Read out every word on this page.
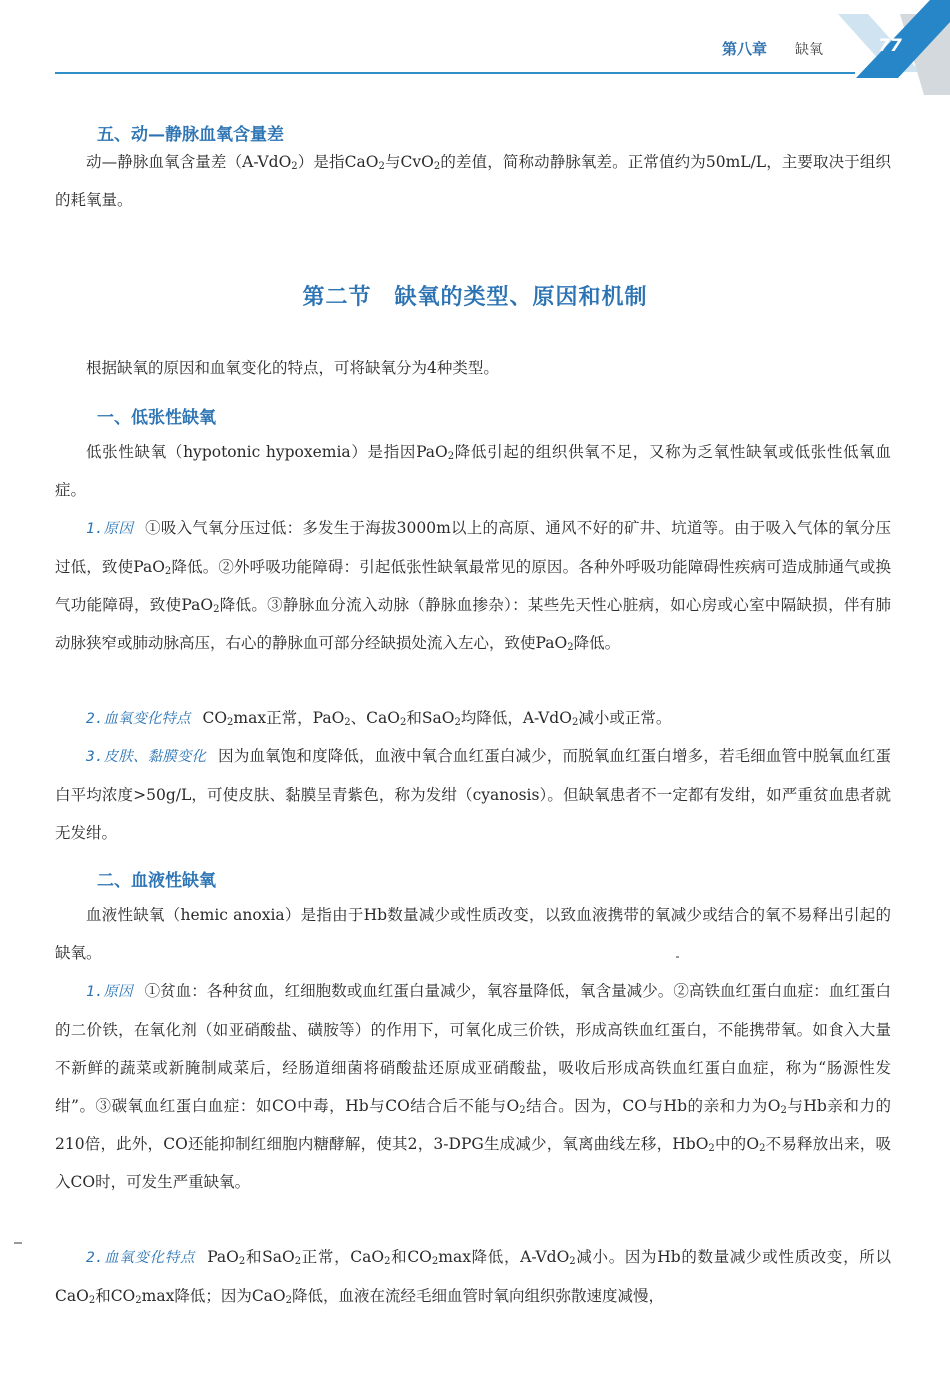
第八章 缺氧	77
五、动—静脉血氧含量差

动—静脉血氧含量差（A-VdO$_2$）是指CaO$_2$与CvO$_2$的差值，简称动静脉氧差。正常值约为50mL/L，主要取决于组织的耗氧量。

第二节　缺氧的类型、原因和机制

根据缺氧的原因和血氧变化的特点，可将缺氧分为4种类型。

一、低张性缺氧

低张性缺氧（hypotonic hypoxemia）是指因PaO$_2$降低引起的组织供氧不足，又称为乏氧性缺氧或低张性低氧血症。

1.原因 ①吸入气氧分压过低：多发生于海拔3000m以上的高原、通风不好的矿井、坑道等。由于吸入气体的氧分压过低，致使PaO$_2$降低。②外呼吸功能障碍：引起低张性缺氧最常见的原因。各种外呼吸功能障碍性疾病可造成肺通气或换气功能障碍，致使PaO$_2$降低。③静脉血分流入动脉（静脉血掺杂）：某些先天性心脏病，如心房或心室中隔缺损，伴有肺动脉狭窄或肺动脉高压，右心的静脉血可部分经缺损处流入左心，致使PaO$_2$降低。

2.血氧变化特点 $CO_2\max$正常，PaO$_2$、CaO$_2$和SaO$_2$均降低，A-VdO$_2$减小或正常。

3.皮肤、黏膜变化 因为血氧饱和度降低，血液中氧合血红蛋白减少，而脱氧血红蛋白增多，若毛细血管中脱氧血红蛋白平均浓度>50g/L，可使皮肤、黏膜呈青紫色，称为发绀（cyanosis）。但缺氧患者不一定都有发绀，如严重贫血患者就无发绀。

二、血液性缺氧

血液性缺氧（hemic anoxia）是指由于Hb数量减少或性质改变，以致血液携带的氧减少或结合的氧不易释出引起的缺氧。

1.原因 ①贫血：各种贫血，红细胞数或血红蛋白量减少，氧容量降低，氧含量减少。②高铁血红蛋白血症：血红蛋白的二价铁，在氧化剂（如亚硝酸盐、磺胺等）的作用下，可氧化成三价铁，形成高铁血红蛋白，不能携带氧。如食入大量不新鲜的蔬菜或新腌制咸菜后，经肠道细菌将硝酸盐还原成亚硝酸盐，吸收后形成高铁血红蛋白血症，称为“肠源性发绀”。③碳氧血红蛋白血症：如CO中毒，Hb与CO结合后不能与$O_2$结合。因为，CO与Hb的亲和力为$O_2$与Hb亲和力的210倍，此外，CO还能抑制红细胞内糖酵解，使其2，3-DPG生成减少，氧离曲线左移，HbO$_2$中的$O_2$不易释放出来，吸入CO时，可发生严重缺氧。

2.血氧变化特点 PaO$_2$和SaO$_2$正常，CaO$_2$和$CO_2\max$降低，A-VdO$_2$减小。因为Hb的数量减少或性质改变，所以CaO$_2$和$CO_2\max$降低；因为CaO$_2$降低，血液在流经毛细血管时氧向组织弥散速度减慢，
